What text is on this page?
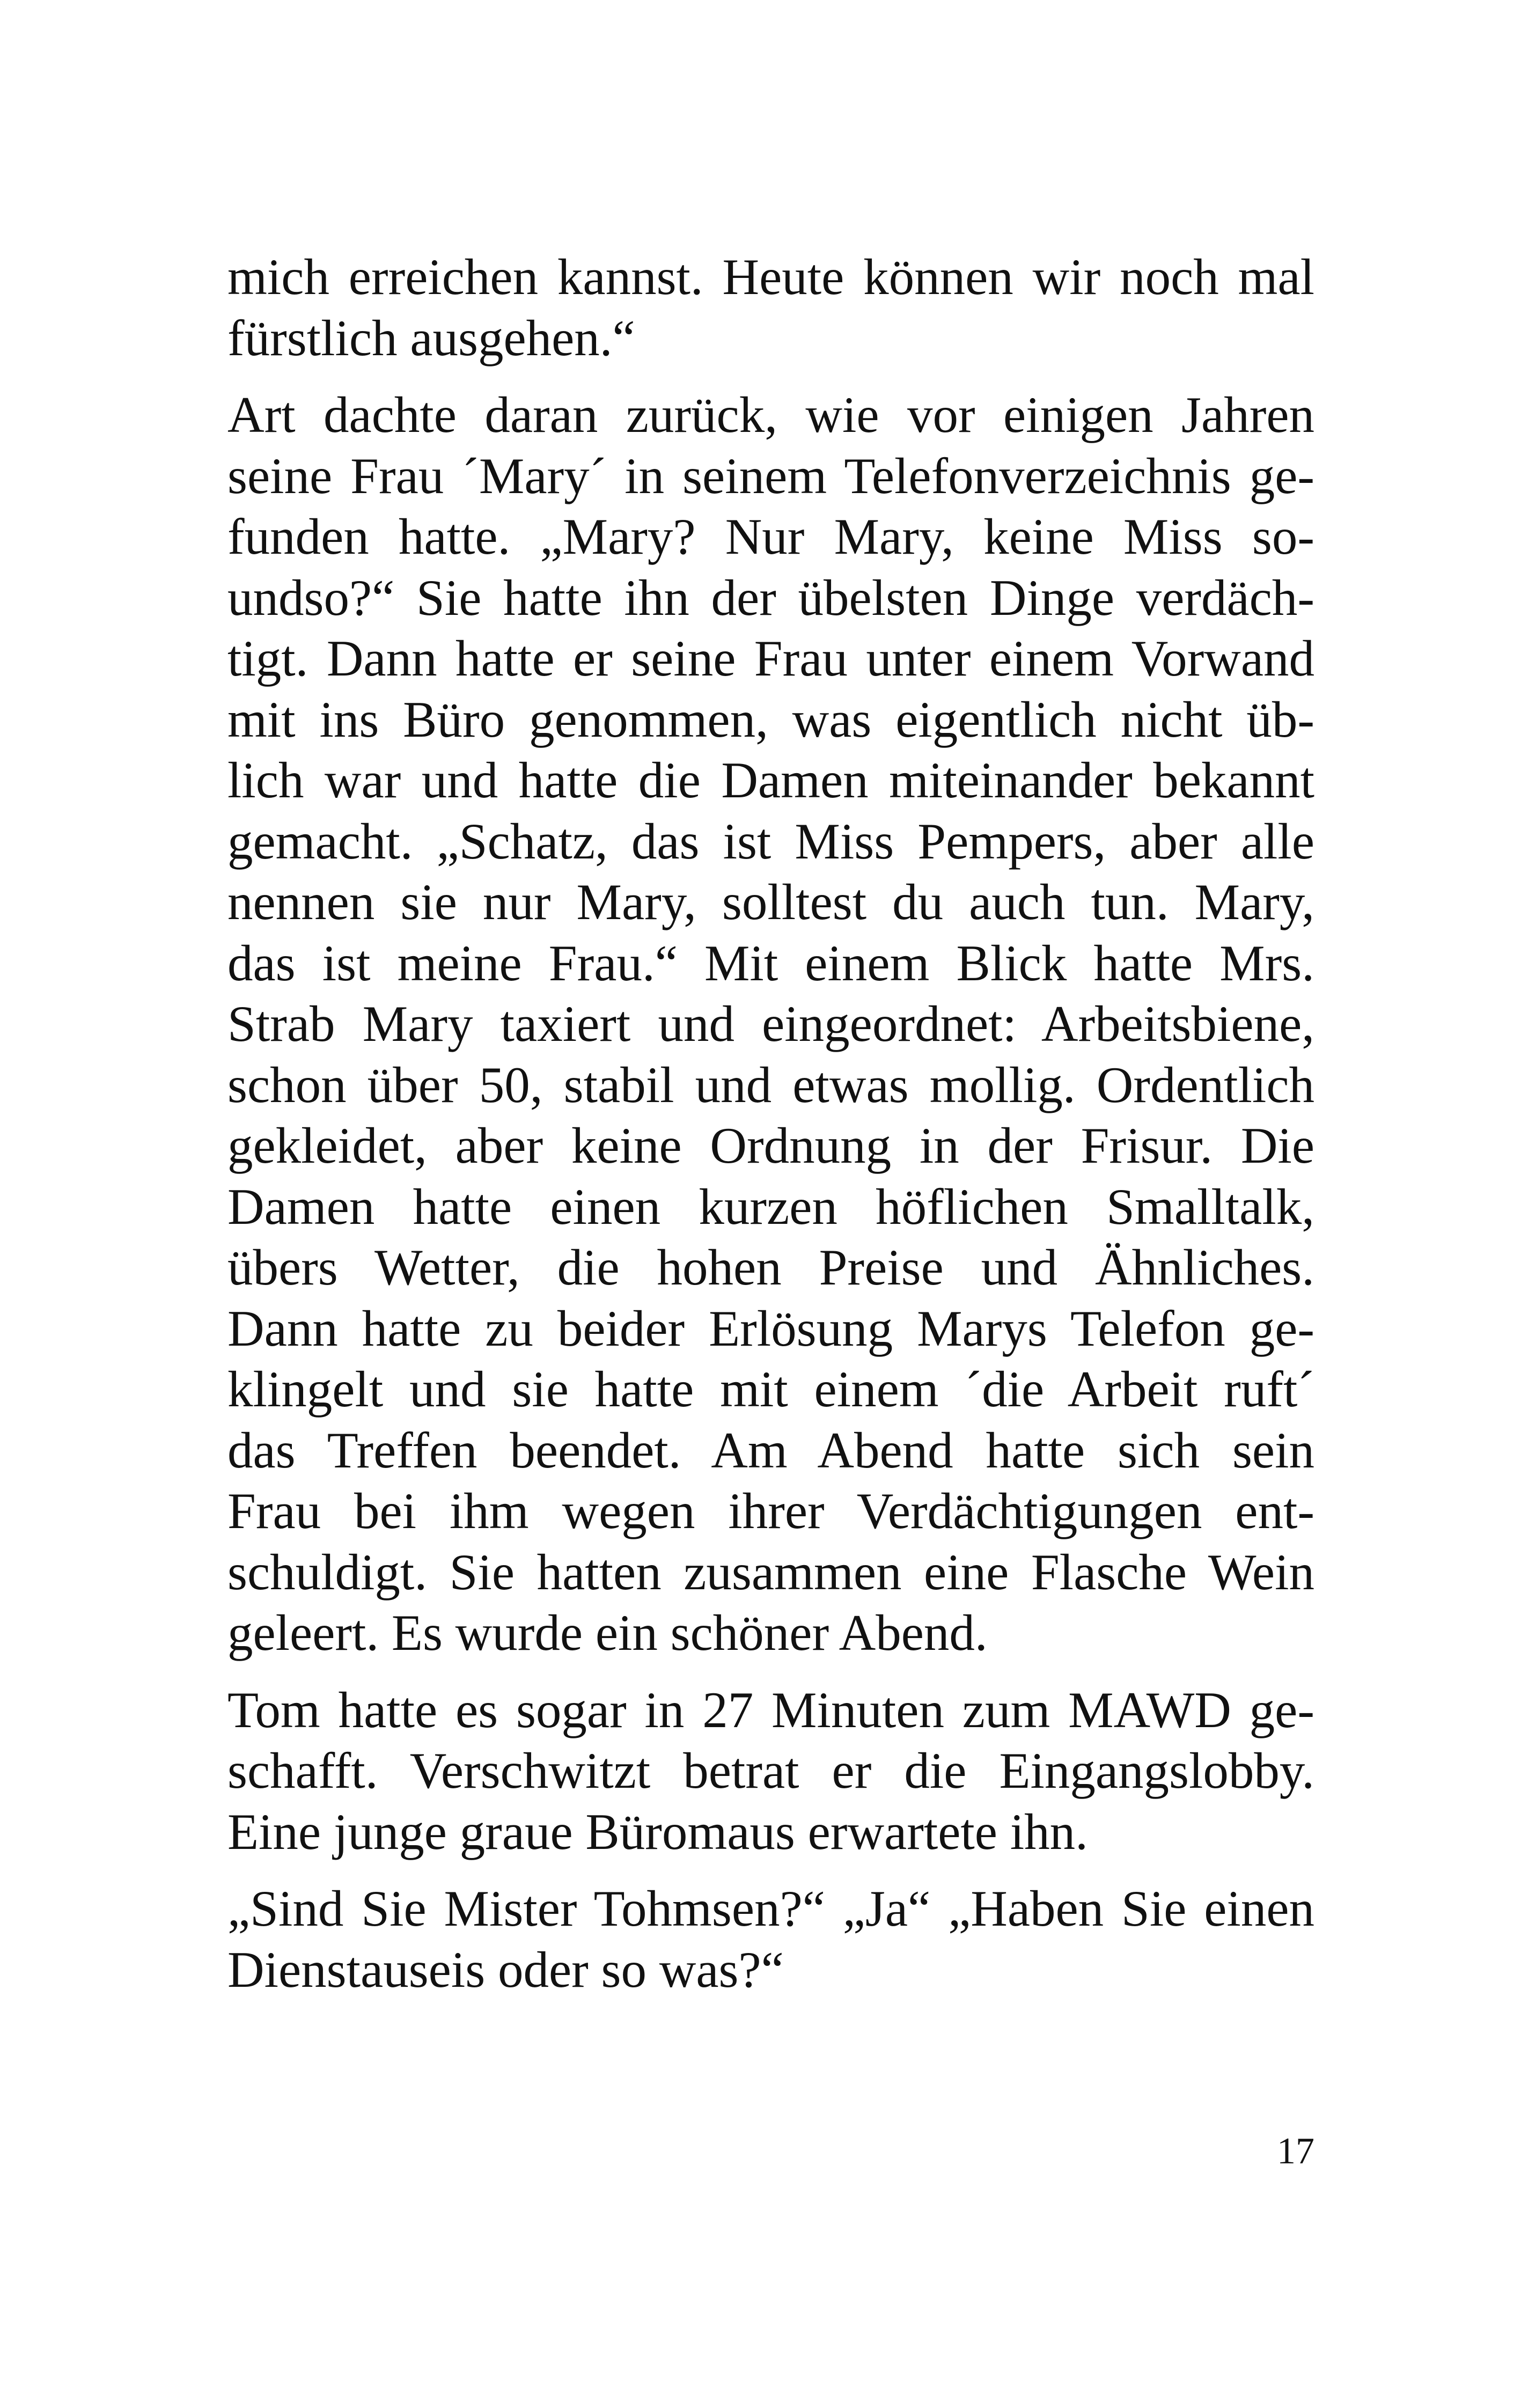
mich erreichen kannst. Heute können wir noch mal
fürstlich ausgehen.“
Art dachte daran zurück, wie vor einigen Jahren
seine Frau ´Mary´ in seinem Telefonverzeichnis ge-
funden hatte. „Mary? Nur Mary, keine Miss so-
undso?“ Sie hatte ihn der übelsten Dinge verdäch-
tigt. Dann hatte er seine Frau unter einem Vorwand
mit ins Büro genommen, was eigentlich nicht üb-
lich war und hatte die Damen miteinander bekannt
gemacht. „Schatz, das ist Miss Pempers, aber alle
nennen sie nur Mary, solltest du auch tun. Mary,
das ist meine Frau.“ Mit einem Blick hatte Mrs.
Strab Mary taxiert und eingeordnet: Arbeitsbiene,
schon über 50, stabil und etwas mollig. Ordentlich
gekleidet, aber keine Ordnung in der Frisur. Die
Damen hatte einen kurzen höflichen Smalltalk,
übers Wetter, die hohen Preise und Ähnliches.
Dann hatte zu beider Erlösung Marys Telefon ge-
klingelt und sie hatte mit einem ´die Arbeit ruft´
das Treffen beendet. Am Abend hatte sich sein
Frau bei ihm wegen ihrer Verdächtigungen ent-
schuldigt. Sie hatten zusammen eine Flasche Wein
geleert. Es wurde ein schöner Abend.
Tom hatte es sogar in 27 Minuten zum MAWD ge-
schafft. Verschwitzt betrat er die Eingangslobby.
Eine junge graue Büromaus erwartete ihn.
„Sind Sie Mister Tohmsen?“ „Ja“ „Haben Sie einen
Dienstauseis oder so was?“
17
